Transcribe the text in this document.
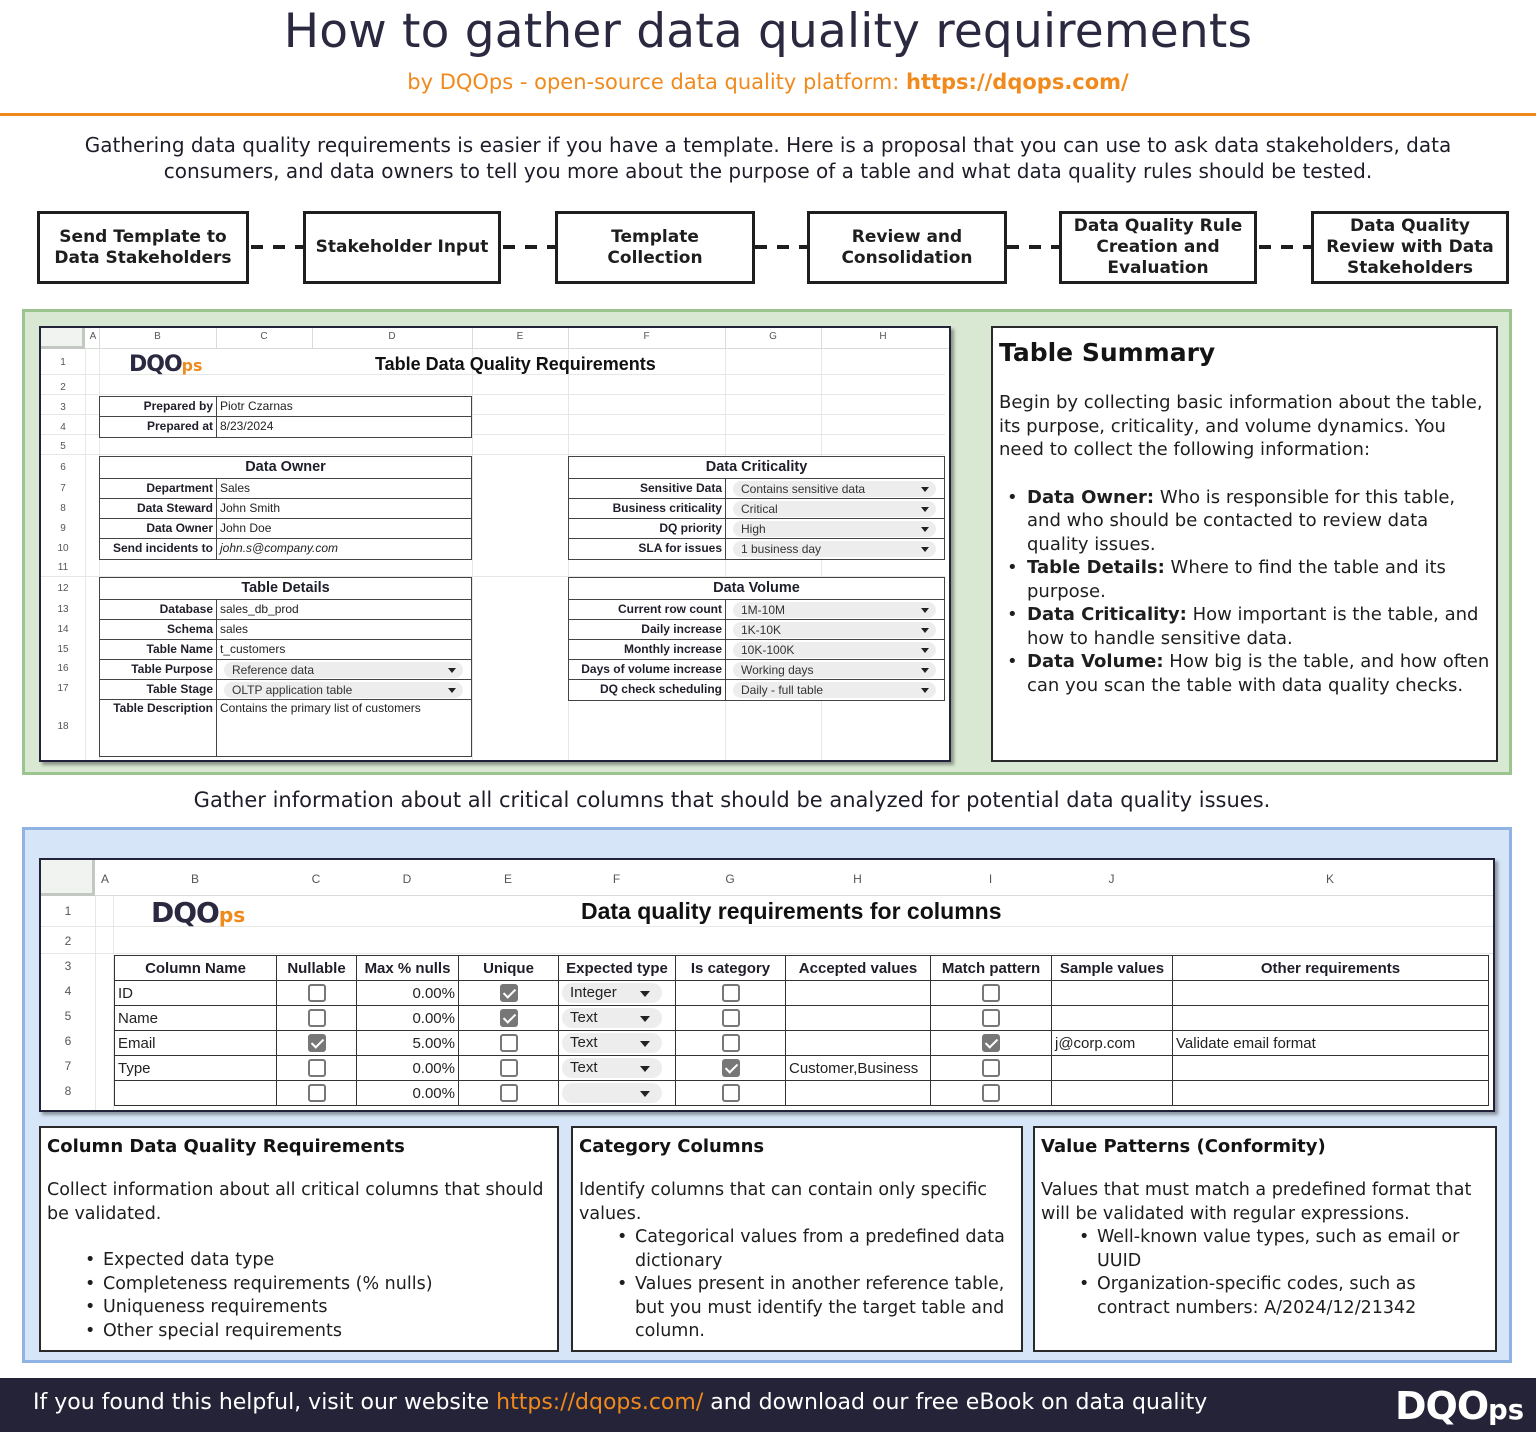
How to gather data quality requirements
by DQOps - open-source data quality platform: https://dqops.com/

Gathering data quality requirements is easier if you have a template. Here is a proposal that you can use to ask data stakeholders, data consumers, and data owners to tell you more about the purpose of a table and what data quality rules should be tested.

Send Template to Data Stakeholders
Stakeholder Input
Template Collection
Review and Consolidation
Data Quality Rule Creation and Evaluation
Data Quality Review with Data Stakeholders
A	B	C	D	E	F	G	H
1
2
3
4
5
6
7
8
9
10
11
12
13
14
15
16
17
18
DQOps	Table Data Quality Requirements
Prepared by Piotr Czarnas
Prepared at 8/23/2024
Data Owner
Department Sales
Data Steward John Smith
Data Owner John Doe
Send incidents to john.s@company.com
Table Details
Database sales_db_prod
Schema sales
Table Name t_customers
Table Purpose	Reference data
Table Stage	OLTP application table
Table Description Contains the primary list of customers
Data Criticality
Sensitive Data	Contains sensitive data
Business criticality	Critical
DQ priority	High
SLA for issues	1 business day
Data Volume
Current row count	1M-10M
Daily increase	1K-10K
Monthly increase	10K-100K
Days of volume increase	Working days
DQ check scheduling	Daily - full table
Table Summary

Begin by collecting basic information about the table, its purpose, criticality, and volume dynamics. You need to collect the following information:

• Data Owner: Who is responsible for this table, and who should be contacted to review data quality issues.
• Table Details: Where to find the table and its purpose.
• Data Criticality: How important is the table, and how to handle sensitive data.
• Data Volume: How big is the table, and how often can you scan the table with data quality checks.
Gather information about all critical columns that should be analyzed for potential data quality issues.
A	B	C	D	E	F	G	H	I	J	K
1
2
3
4
5
6
7
8
DQOps	Data quality requirements for columns
Column Name	Nullable	Max % nulls	Unique	Expected type	Is category	Accepted values	Match pattern	Sample values	Other requirements
ID		0.00%		Integer

Name		0.00%		Text

Email		5.00%		Text				j@corp.com	Validate email format
Type		0.00%		Text		Customer,Business			
		0.00%		

Column Data Quality Requirements

Collect information about all critical columns that should be validated.

• Expected data type
• Completeness requirements (% nulls)
• Uniqueness requirements
• Other special requirements
Category Columns

Identify columns that can contain only specific values.

• Categorical values from a predefined data dictionary
• Values present in another reference table, but you must identify the target table and column.
Value Patterns (Conformity)

Values that must match a predefined format that will be validated with regular expressions.

• Well-known value types, such as email or UUID
• Organization-specific codes, such as contract numbers: A/2024/12/21342
If you found this helpful, visit our website https://dqops.com/ and download our free eBook on data quality	DQOps
